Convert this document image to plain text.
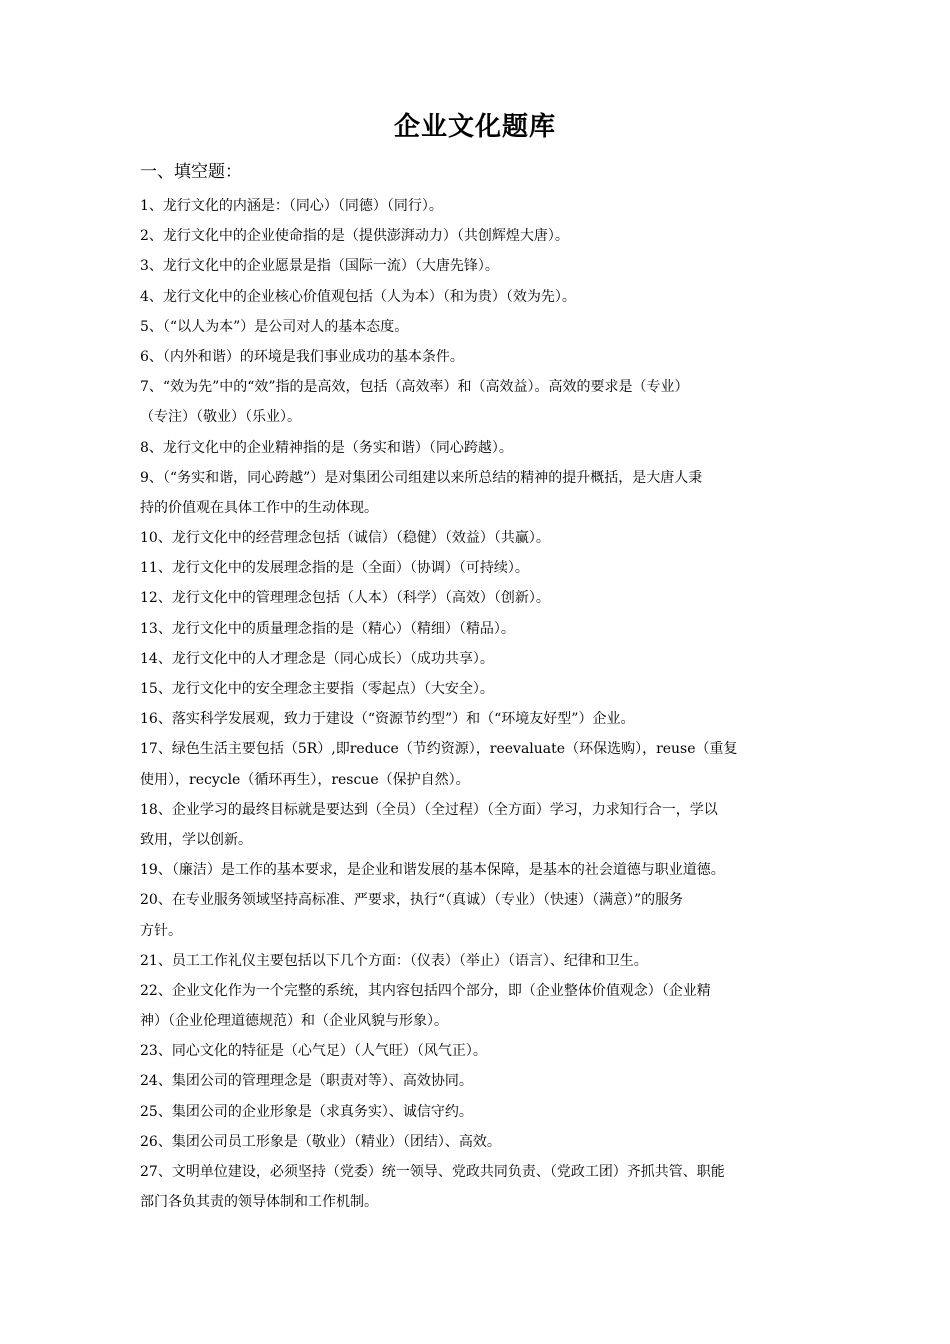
企业文化题库
一、填空题：
1、龙行文化的内涵是：（同心）（同德）（同行）。
2、龙行文化中的企业使命指的是（提供澎湃动力）（共创辉煌大唐）。
3、龙行文化中的企业愿景是指（国际一流）（大唐先锋）。
4、龙行文化中的企业核心价值观包括（人为本）（和为贵）（效为先）。
5、（“以人为本”）是公司对人的基本态度。
6、（内外和谐）的环境是我们事业成功的基本条件。
7、“效为先”中的“效”指的是高效，包括（高效率）和（高效益）。高效的要求是（专业）
（专注）（敬业）（乐业）。
8、龙行文化中的企业精神指的是（务实和谐）（同心跨越）。
9、（“务实和谐，同心跨越”）是对集团公司组建以来所总结的精神的提升概括，是大唐人秉
持的价值观在具体工作中的生动体现。
10、龙行文化中的经营理念包括（诚信）（稳健）（效益）（共赢）。
11、龙行文化中的发展理念指的是（全面）（协调）（可持续）。
12、龙行文化中的管理理念包括（人本）（科学）（高效）（创新）。
13、龙行文化中的质量理念指的是（精心）（精细）（精品）。
14、龙行文化中的人才理念是（同心成长）（成功共享）。
15、龙行文化中的安全理念主要指（零起点）（大安全）。
16、落实科学发展观，致力于建设（“资源节约型”）和（“环境友好型”）企业。
17、绿色生活主要包括（5R）,即reduce（节约资源），reevaluate（环保选购），reuse（重复
使用），recycle（循环再生），rescue（保护自然）。
18、企业学习的最终目标就是要达到（全员）（全过程）（全方面）学习，力求知行合一，学以
致用，学以创新。
19、（廉洁）是工作的基本要求，是企业和谐发展的基本保障，是基本的社会道德与职业道德。
20、在专业服务领域坚持高标准、严要求，执行“（真诚）（专业）（快速）（满意）”的服务
方针。
21、员工工作礼仪主要包括以下几个方面：（仪表）（举止）（语言）、纪律和卫生。
22、企业文化作为一个完整的系统，其内容包括四个部分，即（企业整体价值观念）（企业精
神）（企业伦理道德规范）和（企业风貌与形象）。
23、同心文化的特征是（心气足）（人气旺）（风气正）。
24、集团公司的管理理念是（职责对等）、高效协同。
25、集团公司的企业形象是（求真务实）、诚信守约。
26、集团公司员工形象是（敬业）（精业）（团结）、高效。
27、文明单位建设，必须坚持（党委）统一领导、党政共同负责、（党政工团）齐抓共管、职能
部门各负其责的领导体制和工作机制。
